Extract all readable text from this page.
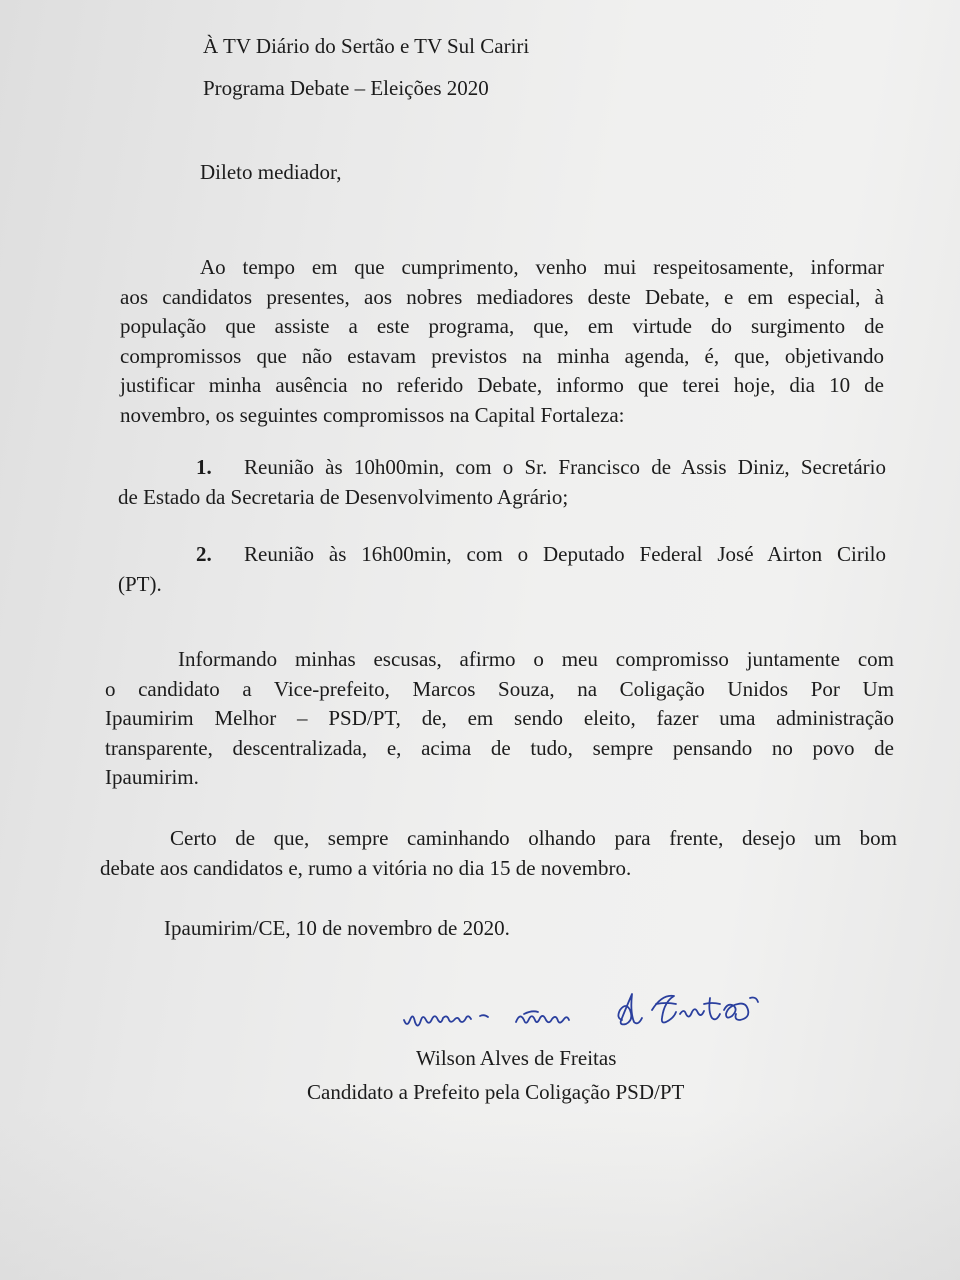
À TV Diário do Sertão e TV Sul Cariri
Programa Debate – Eleições 2020
Dileto mediador,
Ao tempo em que cumprimento, venho mui respeitosamente, informar
aos candidatos presentes, aos nobres mediadores deste Debate, e em especial, à
população que assiste a este programa, que, em virtude do surgimento de
compromissos que não estavam previstos na minha agenda, é, que, objetivando
justificar minha ausência no referido Debate, informo que terei hoje, dia 10 de
novembro, os seguintes compromissos na Capital Fortaleza:
1. Reunião às 10h00min, com o Sr. Francisco de Assis Diniz, Secretário
de Estado da Secretaria de Desenvolvimento Agrário;
2. Reunião às 16h00min, com o Deputado Federal José Airton Cirilo
(PT).
Informando minhas escusas, afirmo o meu compromisso juntamente com
o candidato a Vice-prefeito, Marcos Souza, na Coligação Unidos Por Um
Ipaumirim Melhor – PSD/PT, de, em sendo eleito, fazer uma administração
transparente, descentralizada, e, acima de tudo, sempre pensando no povo de
Ipaumirim.
Certo de que, sempre caminhando olhando para frente, desejo um bom
debate aos candidatos e, rumo a vitória no dia 15 de novembro.
Ipaumirim/CE, 10 de novembro de 2020.
Wilson Alves de Freitas
Candidato a Prefeito pela Coligação PSD/PT
